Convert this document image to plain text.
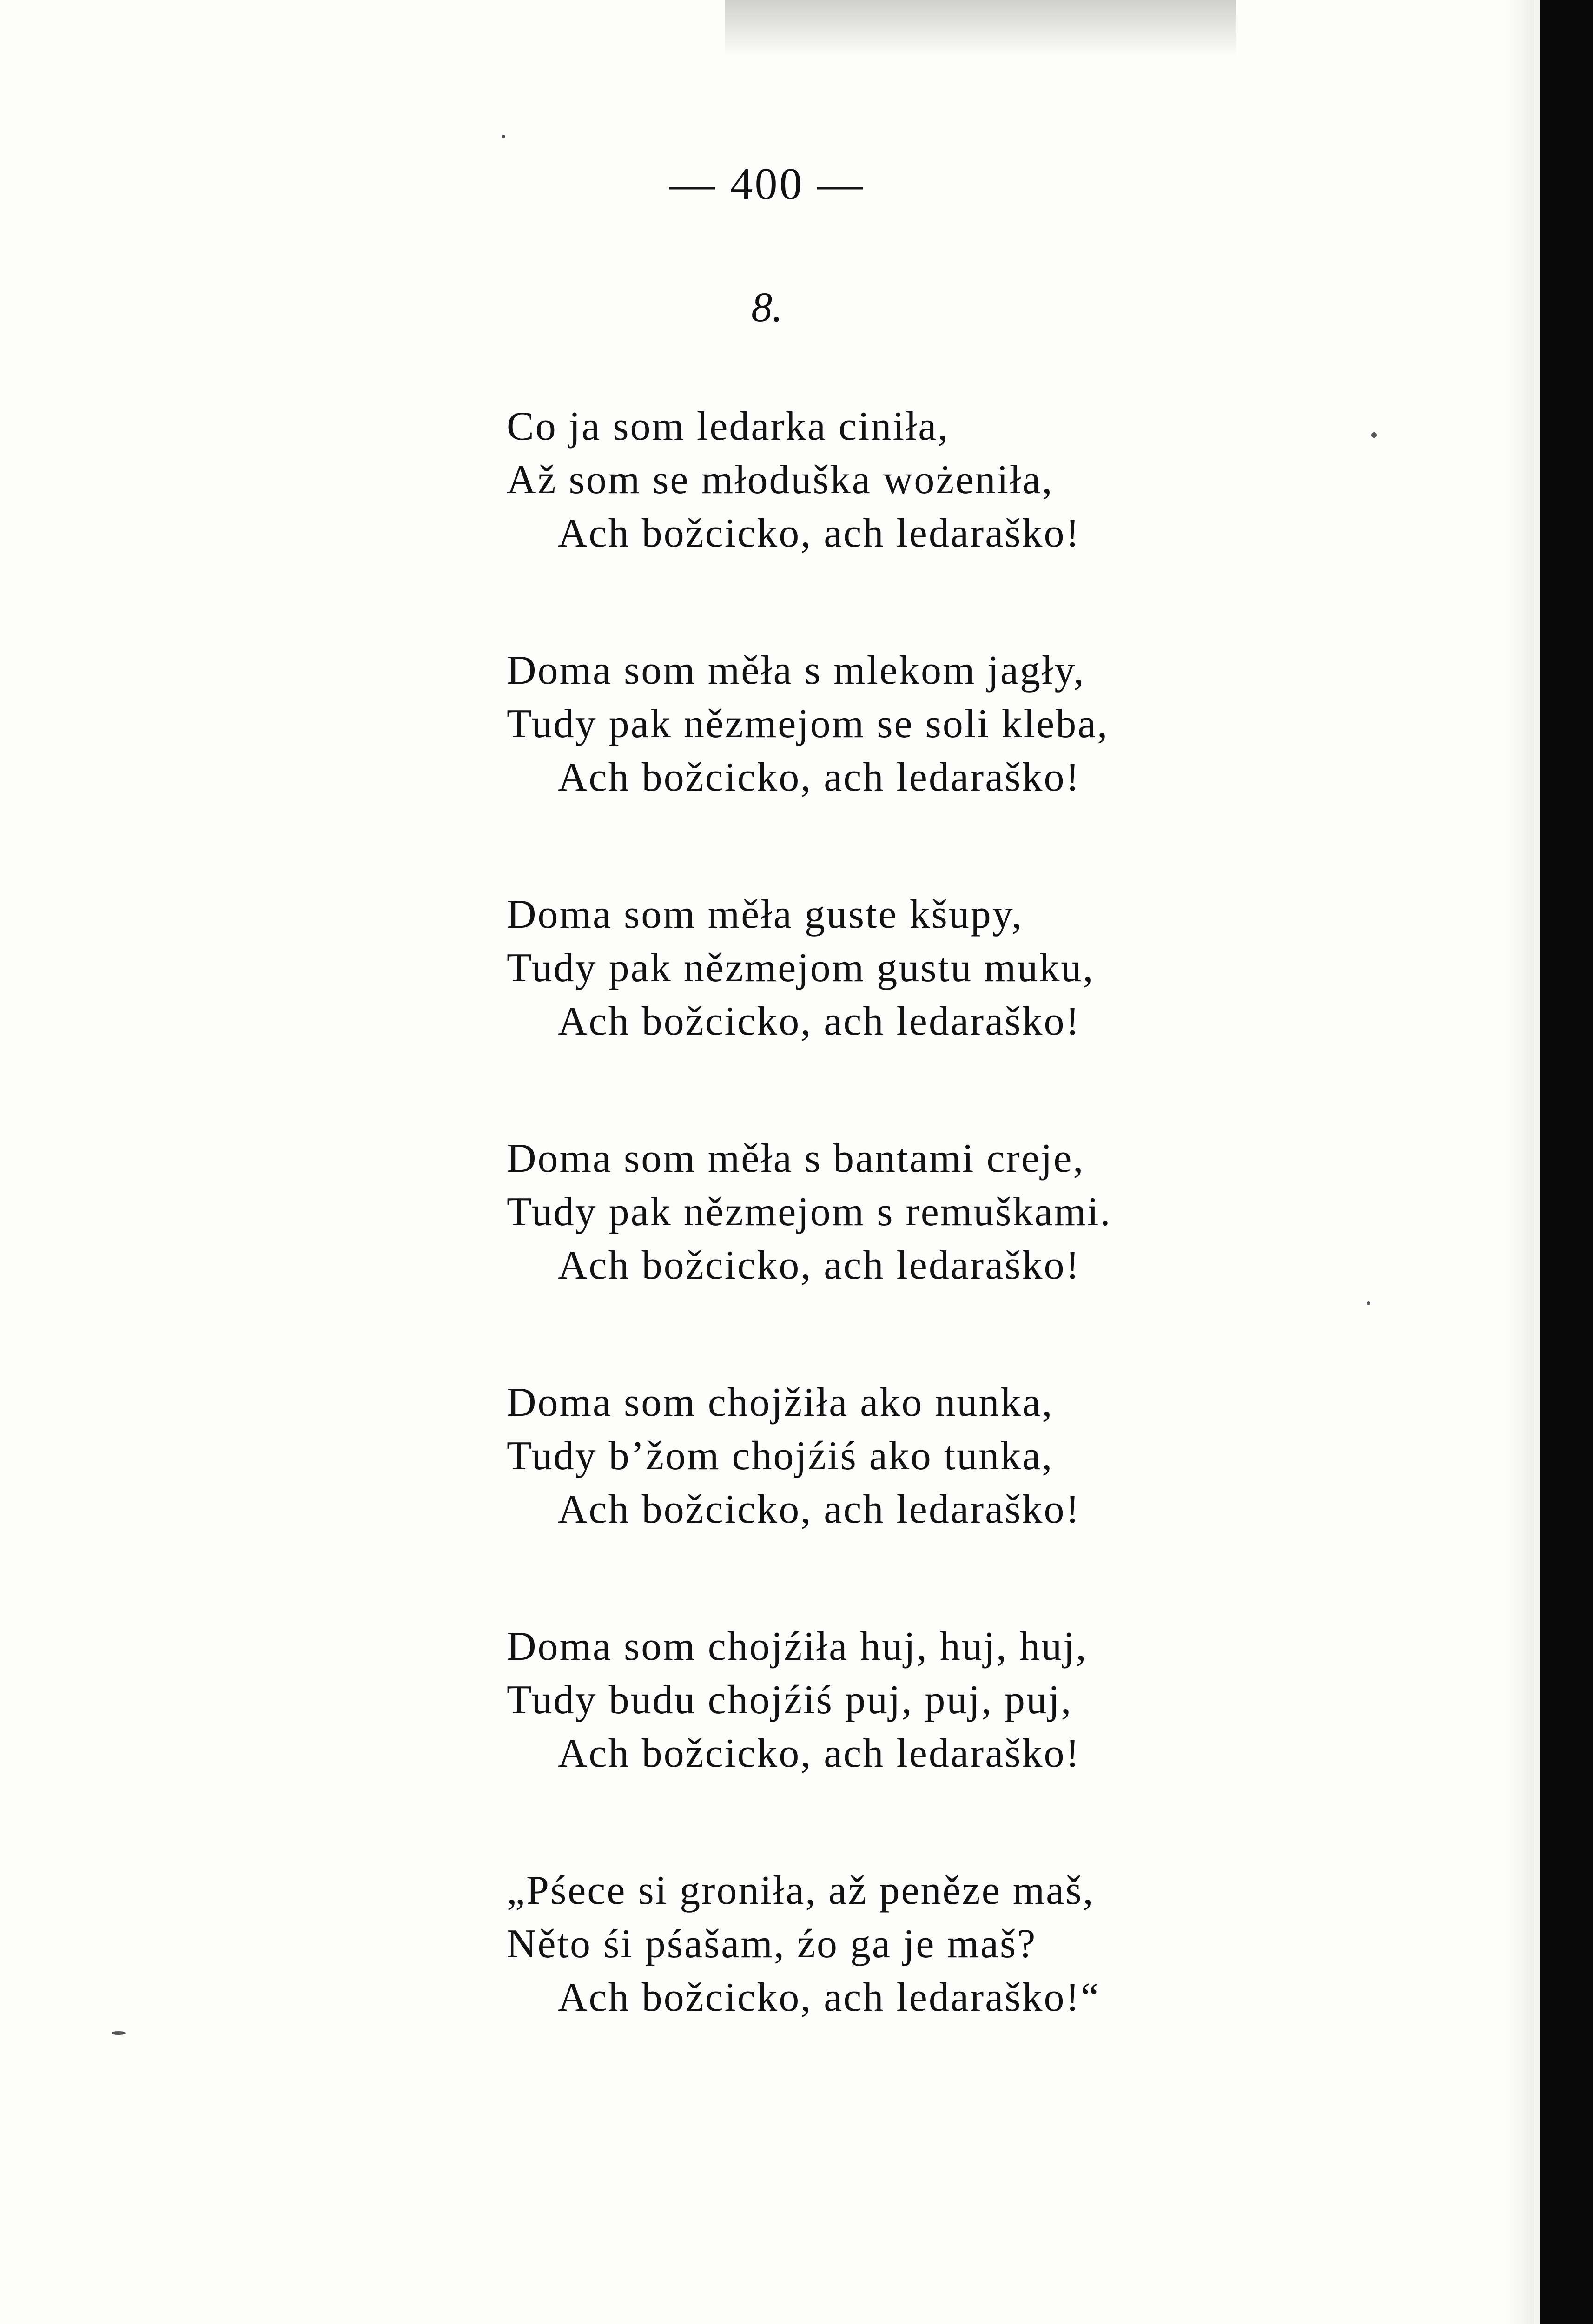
— 400 —
8.
Co ja som ledarka ciniła,
Až som se młoduška wożeniła,
Ach božcicko, ach ledaraško!
Doma som měła s mlekom jagły,
Tudy pak nězmejom se soli kleba,
Ach božcicko, ach ledaraško!
Doma som měła guste kšupy,
Tudy pak nězmejom gustu muku,
Ach božcicko, ach ledaraško!
Doma som měła s bantami creje,
Tudy pak nězmejom s remuškami.
Ach božcicko, ach ledaraško!
Doma som chojžiła ako nunka,
Tudy b’žom chojźiś ako tunka,
Ach božcicko, ach ledaraško!
Doma som chojźiła huj, huj, huj,
Tudy budu chojźiś puj, puj, puj,
Ach božcicko, ach ledaraško!
„Pśece si groniła, až peněze maš,
Něto śi pśašam, źo ga je maš?
Ach božcicko, ach ledaraško!“
